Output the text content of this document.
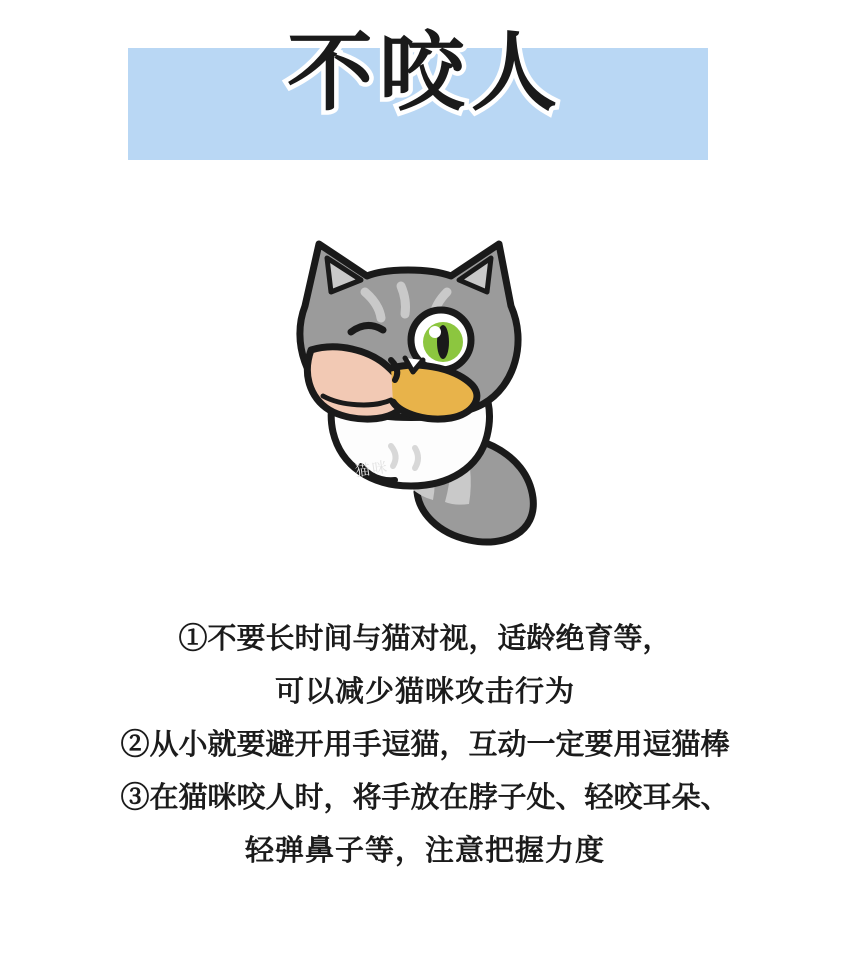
不咬人
猫咪
①不要长时间与猫对视，适龄绝育等，
可以减少猫咪攻击行为
②从小就要避开用手逗猫，互动一定要用逗猫棒
③在猫咪咬人时，将手放在脖子处、轻咬耳朵、
轻弹鼻子等，注意把握力度
